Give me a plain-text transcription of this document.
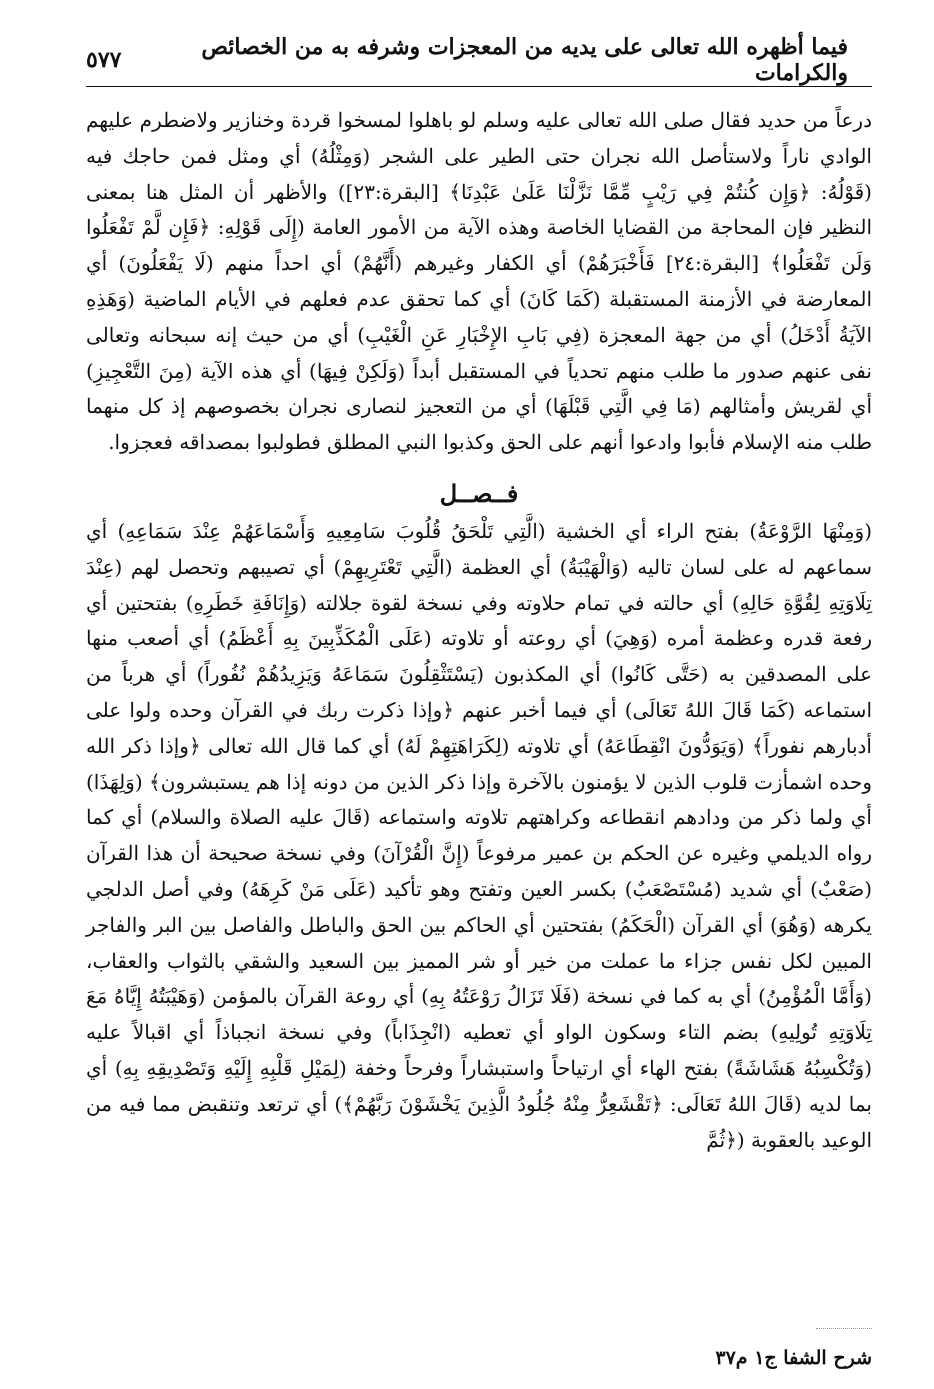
فيما أظهره الله تعالى على يديه من المعجزات وشرفه به من الخصائص والكرامات
٥٧٧

درعاً من حديد فقال صلى الله تعالى عليه وسلم لو باهلوا لمسخوا قردة وخنازير ولاضطرم عليهم الوادي ناراً ولاستأصل الله نجران حتى الطير على الشجر (وَمِثْلُهُ) أي ومثل فمن حاجك فيه (قَوْلُهُ: ﴿وَإِن كُنتُمْ فِي رَيْبٍ مِّمَّا نَزَّلْنَا عَلَىٰ عَبْدِنَا﴾ [البقرة:٢٣]) والأظهر أن المثل هنا بمعنى النظير فإن المحاجة من القضايا الخاصة وهذه الآية من الأمور العامة (إِلَى قَوْلِهِ: ﴿فَإِن لَّمْ تَفْعَلُوا وَلَن تَفْعَلُوا﴾ [البقرة:٢٤] فَأَخْبَرَهُمْ) أي الكفار وغيرهم (أَنَّهُمْ) أي احداً منهم (لَا يَفْعَلُونَ) أي المعارضة في الأزمنة المستقبلة (كَمَا كَانَ) أي كما تحقق عدم فعلهم في الأيام الماضية (وَهَذِهِ الآيَةُ أَدْخَلُ) أي من جهة المعجزة (فِي بَابِ الإِخْبَارِ عَنِ الْغَيْبِ) أي من حيث إنه سبحانه وتعالى نفى عنهم صدور ما طلب منهم تحدياً في المستقبل أبداً (وَلَكِنْ فِيهَا) أي هذه الآية (مِنَ التَّعْجِيزِ) أي لقريش وأمثالهم (مَا فِي الَّتِي قَبْلَهَا) أي من التعجيز لنصارى نجران بخصوصهم إذ كل منهما طلب منه الإسلام فأبوا وادعوا أنهم على الحق وكذبوا النبي المطلق فطولبوا بمصداقه فعجزوا.

فــصــل

(وَمِنْهَا الرَّوْعَةُ) بفتح الراء أي الخشية (الَّتِي تَلْحَقُ قُلُوبَ سَامِعِيهِ وَأَسْمَاعَهُمْ عِنْدَ سَمَاعِهِ) أي سماعهم له على لسان تاليه (وَالْهَيْبَةُ) أي العظمة (الَّتِي تَعْتَرِيهِمْ) أي تصيبهم وتحصل لهم (عِنْدَ تِلَاوَتِهِ لِقُوَّةِ حَالِهِ) أي حالته في تمام حلاوته وفي نسخة لقوة جلالته (وَإِنَافَةِ خَطَرِهِ) بفتحتين أي رفعة قدره وعظمة أمره (وَهِيَ) أي روعته أو تلاوته (عَلَى الْمُكَذِّبِينَ بِهِ أَعْظَمُ) أي أصعب منها على المصدقين به (حَتَّى كَانُوا) أي المكذبون (يَسْتَثْقِلُونَ سَمَاعَهُ وَيَزِيدُهُمْ نُفُوراً) أي هرباً من استماعه (كَمَا قَالَ اللهُ تَعَالَى) أي فيما أخبر عنهم ﴿وإذا ذكرت ربك في القرآن وحده ولوا على أدبارهم نفوراً﴾ (وَيَوَدُّونَ انْقِطَاعَهُ) أي تلاوته (لِكَرَاهَتِهِمْ لَهُ) أي كما قال الله تعالى ﴿وإذا ذكر الله وحده اشمأزت قلوب الذين لا يؤمنون بالآخرة وإذا ذكر الذين من دونه إذا هم يستبشرون﴾ (وَلِهَذَا) أي ولما ذكر من ودادهم انقطاعه وكراهتهم تلاوته واستماعه (قَالَ عليه الصلاة والسلام) أي كما رواه الديلمي وغيره عن الحكم بن عمير مرفوعاً (إِنَّ الْقُرْآنَ) وفي نسخة صحيحة أن هذا القرآن (صَعْبٌ) أي شديد (مُسْتَصْعَبٌ) بكسر العين وتفتح وهو تأكيد (عَلَى مَنْ كَرِهَهُ) وفي أصل الدلجي يكرهه (وَهُوَ) أي القرآن (الْحَكَمُ) بفتحتين أي الحاكم بين الحق والباطل والفاصل بين البر والفاجر المبين لكل نفس جزاء ما عملت من خير أو شر المميز بين السعيد والشقي بالثواب والعقاب، (وَأَمَّا الْمُؤْمِنُ) أي به كما في نسخة (فَلَا تَزَالُ رَوْعَتُهُ بِهِ) أي روعة القرآن بالمؤمن (وَهَيْبَتُهُ إِيَّاهُ مَعَ تِلَاوَتِهِ تُولِيهِ) بضم التاء وسكون الواو أي تعطيه (انْجِذَاباً) وفي نسخة انجباذاً أي اقبالاً عليه (وَتُكْسِبُهُ هَشَاشَةً) بفتح الهاء أي ارتياحاً واستبشاراً وفرحاً وخفة (لِمَيْلِ قَلْبِهِ إِلَيْهِ وَتَصْدِيقِهِ بِهِ) أي بما لديه (قَالَ اللهُ تَعَالَى: ﴿تَقْشَعِرُّ مِنْهُ جُلُودُ الَّذِينَ يَخْشَوْنَ رَبَّهُمْ﴾) أي ترتعد وتنقبض مما فيه من الوعيد بالعقوبة (﴿ثُمَّ

شرح الشفا ج١ م٣٧
